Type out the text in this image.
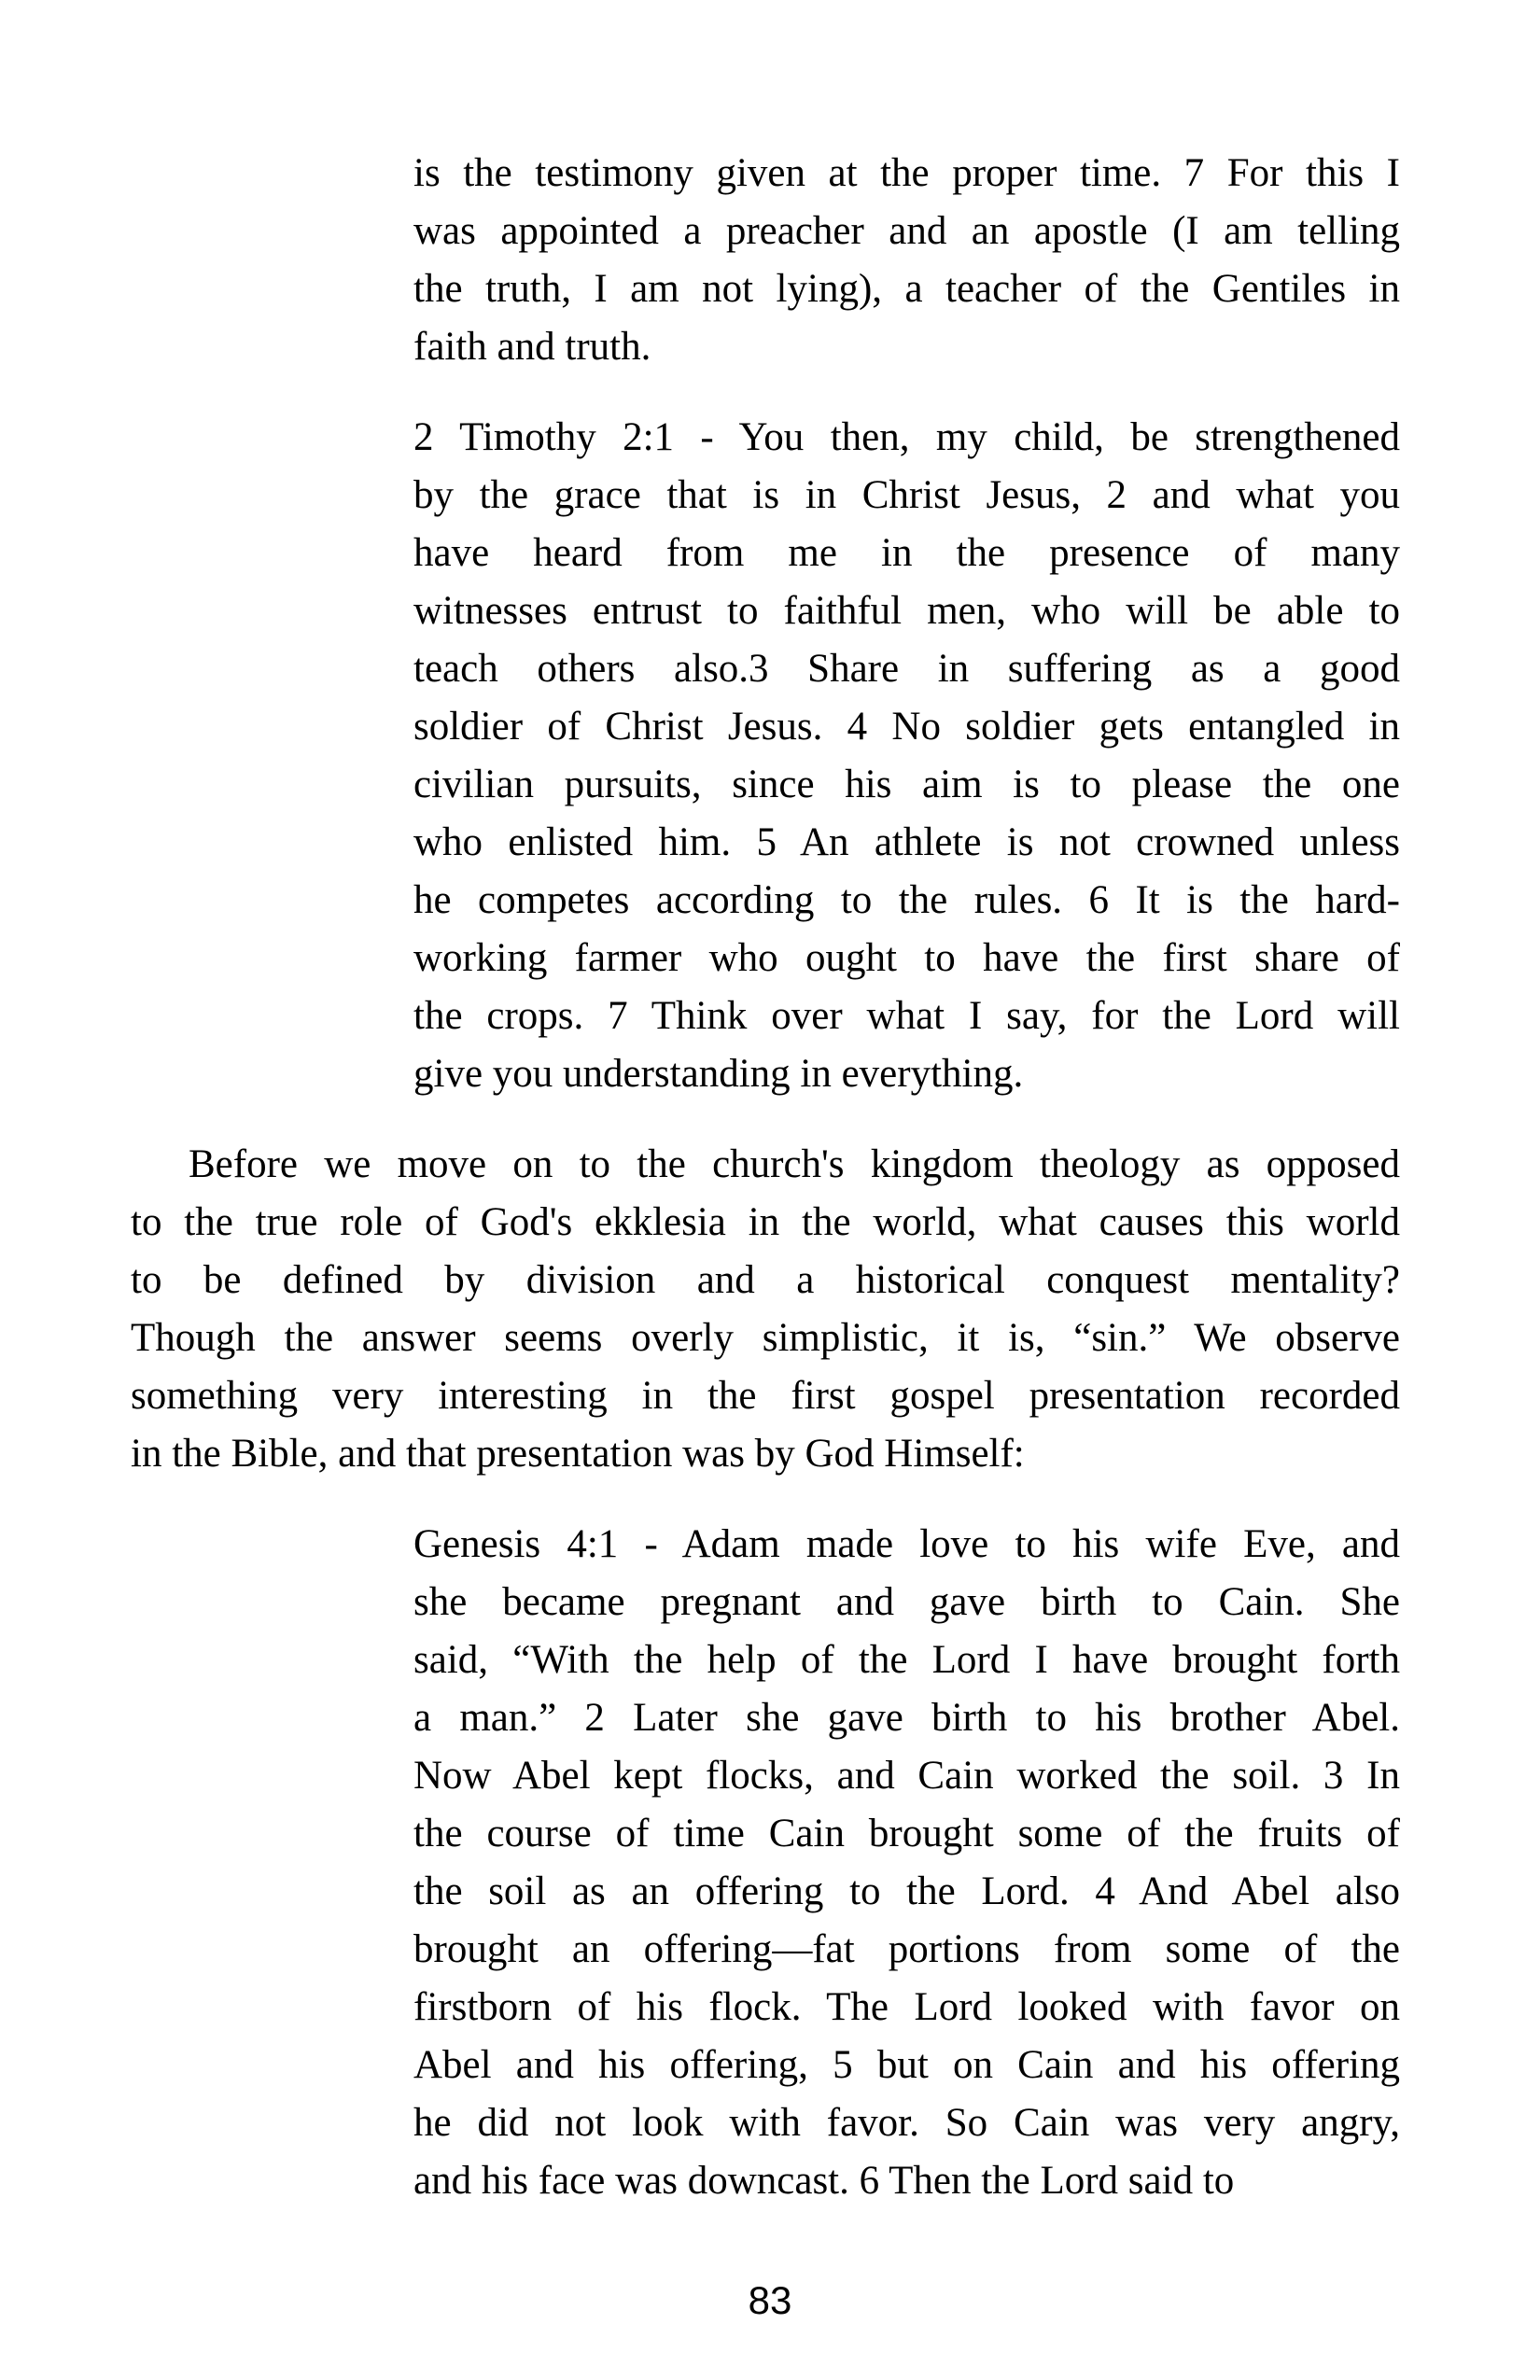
is the testimony given at the proper time. 7 For this I
was appointed a preacher and an apostle (I am telling
the truth, I am not lying), a teacher of the Gentiles in
faith and truth.
2 Timothy 2:1 - You then, my child, be strengthened
by the grace that is in Christ Jesus, 2 and what you
have heard from me in the presence of many
witnesses entrust to faithful men, who will be able to
teach others also.3 Share in suffering as a good
soldier of Christ Jesus. 4 No soldier gets entangled in
civilian pursuits, since his aim is to please the one
who enlisted him. 5 An athlete is not crowned unless
he competes according to the rules. 6 It is the hard-
working farmer who ought to have the first share of
the crops. 7 Think over what I say, for the Lord will
give you understanding in everything.
Before we move on to the church's kingdom theology as opposed
to the true role of God's ekklesia in the world, what causes this world
to be defined by division and a historical conquest mentality?
Though the answer seems overly simplistic, it is, “sin.” We observe
something very interesting in the first gospel presentation recorded
in the Bible, and that presentation was by God Himself:
Genesis 4:1 - Adam made love to his wife Eve, and
she became pregnant and gave birth to Cain. She
said, “With the help of the Lord I have brought forth
a man.” 2 Later she gave birth to his brother Abel.
Now Abel kept flocks, and Cain worked the soil. 3 In
the course of time Cain brought some of the fruits of
the soil as an offering to the Lord. 4 And Abel also
brought an offering—fat portions from some of the
firstborn of his flock. The Lord looked with favor on
Abel and his offering, 5 but on Cain and his offering
he did not look with favor. So Cain was very angry,
and his face was downcast. 6 Then the Lord said to
83
